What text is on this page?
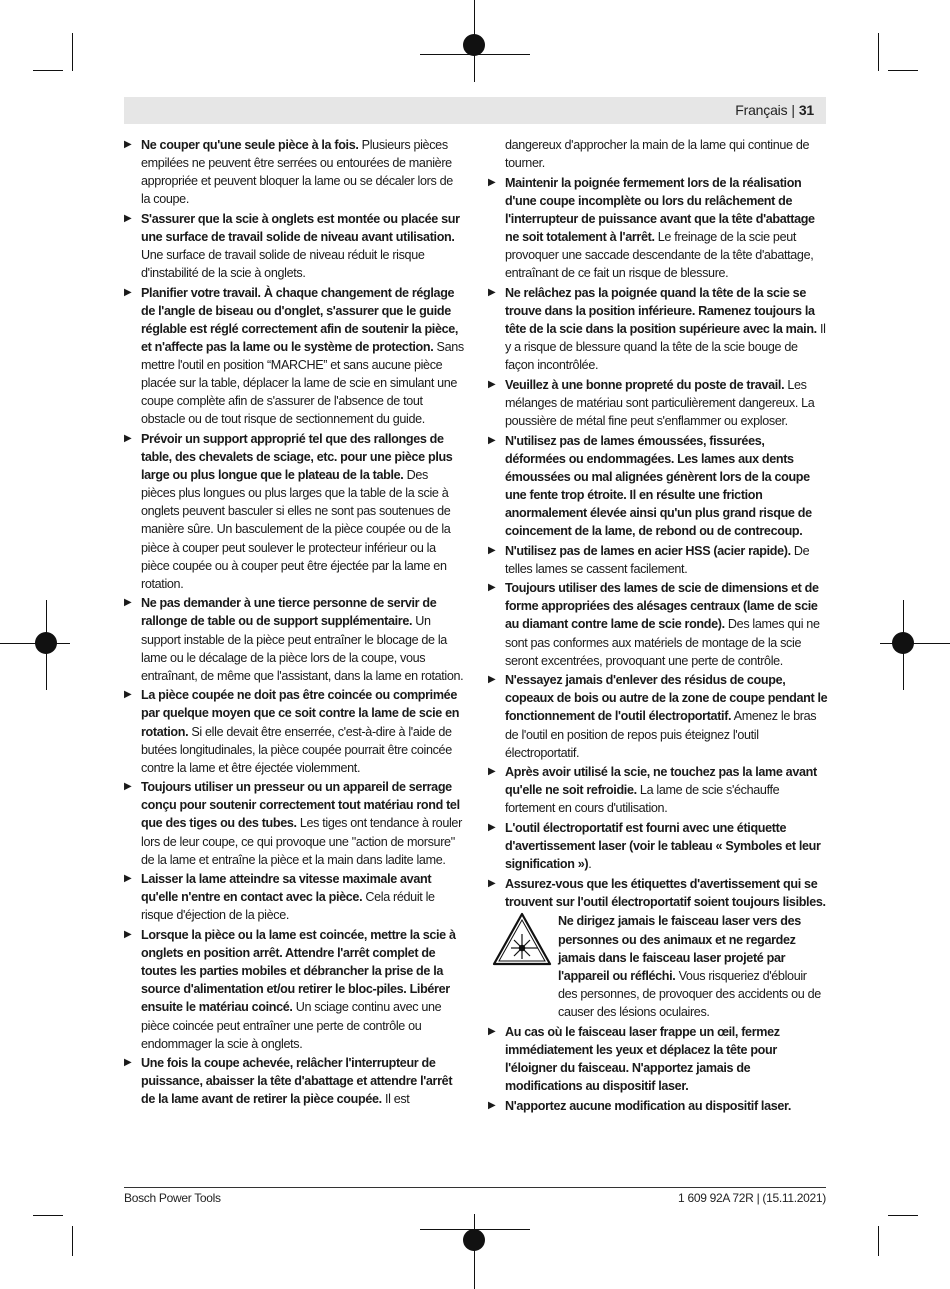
Français | 31
▶ Ne couper qu'une seule pièce à la fois. Plusieurs pièces empilées ne peuvent être serrées ou entourées de manière appropriée et peuvent bloquer la lame ou se décaler lors de la coupe.
▶ S'assurer que la scie à onglets est montée ou placée sur une surface de travail solide de niveau avant utilisation. Une surface de travail solide de niveau réduit le risque d'instabilité de la scie à onglets.
▶ Planifier votre travail. À chaque changement de réglage de l'angle de biseau ou d'onglet, s'assurer que le guide réglable est réglé correctement afin de soutenir la pièce, et n'affecte pas la lame ou le système de protection. Sans mettre l'outil en position “MARCHE” et sans aucune pièce placée sur la table, déplacer la lame de scie en simulant une coupe complète afin de s'assurer de l'absence de tout obstacle ou de tout risque de sectionnement du guide.
▶ Prévoir un support approprié tel que des rallonges de table, des chevalets de sciage, etc. pour une pièce plus large ou plus longue que le plateau de la table. Des pièces plus longues ou plus larges que la table de la scie à onglets peuvent basculer si elles ne sont pas soutenues de manière sûre. Un basculement de la pièce coupée ou de la pièce à couper peut soulever le protecteur inférieur ou la pièce coupée ou à couper peut être éjectée par la lame en rotation.
▶ Ne pas demander à une tierce personne de servir de rallonge de table ou de support supplémentaire. Un support instable de la pièce peut entraîner le blocage de la lame ou le décalage de la pièce lors de la coupe, vous entraînant, de même que l'assistant, dans la lame en rotation.
▶ La pièce coupée ne doit pas être coincée ou comprimée par quelque moyen que ce soit contre la lame de scie en rotation. Si elle devait être enserrée, c'est-à-dire à l'aide de butées longitudinales, la pièce coupée pourrait être coincée contre la lame et être éjectée violemment.
▶ Toujours utiliser un presseur ou un appareil de serrage conçu pour soutenir correctement tout matériau rond tel que des tiges ou des tubes. Les tiges ont tendance à rouler lors de leur coupe, ce qui provoque une "action de morsure" de la lame et entraîne la pièce et la main dans ladite lame.
▶ Laisser la lame atteindre sa vitesse maximale avant qu'elle n'entre en contact avec la pièce. Cela réduit le risque d'éjection de la pièce.
▶ Lorsque la pièce ou la lame est coincée, mettre la scie à onglets en position arrêt. Attendre l'arrêt complet de toutes les parties mobiles et débrancher la prise de la source d'alimentation et/ou retirer le bloc-piles. Libérer ensuite le matériau coincé. Un sciage continu avec une pièce coincée peut entraîner une perte de contrôle ou endommager la scie à onglets.
▶ Une fois la coupe achevée, relâcher l'interrupteur de puissance, abaisser la tête d'abattage et attendre l'arrêt de la lame avant de retirer la pièce coupée. Il est
dangereux d'approcher la main de la lame qui continue de tourner.
▶ Maintenir la poignée fermement lors de la réalisation d'une coupe incomplète ou lors du relâchement de l'interrupteur de puissance avant que la tête d'abattage ne soit totalement à l'arrêt. Le freinage de la scie peut provoquer une saccade descendante de la tête d'abattage, entraînant de ce fait un risque de blessure.
▶ Ne relâchez pas la poignée quand la tête de la scie se trouve dans la position inférieure. Ramenez toujours la tête de la scie dans la position supérieure avec la main. Il y a risque de blessure quand la tête de la scie bouge de façon incontrôlée.
▶ Veuillez à une bonne propreté du poste de travail. Les mélanges de matériau sont particulièrement dangereux. La poussière de métal fine peut s'enflammer ou exploser.
▶ N'utilisez pas de lames émoussées, fissurées, déformées ou endommagées. Les lames aux dents émoussées ou mal alignées génèrent lors de la coupe une fente trop étroite. Il en résulte une friction anormalement élevée ainsi qu'un plus grand risque de coincement de la lame, de rebond ou de contrecoup.
▶ N'utilisez pas de lames en acier HSS (acier rapide). De telles lames se cassent facilement.
▶ Toujours utiliser des lames de scie de dimensions et de forme appropriées des alésages centraux (lame de scie au diamant contre lame de scie ronde). Des lames qui ne sont pas conformes aux matériels de montage de la scie seront excentrées, provoquant une perte de contrôle.
▶ N'essayez jamais d'enlever des résidus de coupe, copeaux de bois ou autre de la zone de coupe pendant le fonctionnement de l'outil électroportatif. Amenez le bras de l'outil en position de repos puis éteignez l'outil électroportatif.
▶ Après avoir utilisé la scie, ne touchez pas la lame avant qu'elle ne soit refroidie. La lame de scie s'échauffe fortement en cours d'utilisation.
▶ L'outil électroportatif est fourni avec une étiquette d'avertissement laser (voir le tableau « Symboles et leur signification »).
▶ Assurez-vous que les étiquettes d'avertissement qui se trouvent sur l'outil électroportatif soient toujours lisibles.
Ne dirigez jamais le faisceau laser vers des personnes ou des animaux et ne regardez jamais dans le faisceau laser projeté par l'appareil ou réfléchi. Vous risqueriez d'éblouir des personnes, de provoquer des accidents ou de causer des lésions oculaires.
▶ Au cas où le faisceau laser frappe un œil, fermez immédiatement les yeux et déplacez la tête pour l'éloigner du faisceau. N'apportez jamais de modifications au dispositif laser.
▶ N'apportez aucune modification au dispositif laser.
Bosch Power Tools	1 609 92A 72R | (15.11.2021)
